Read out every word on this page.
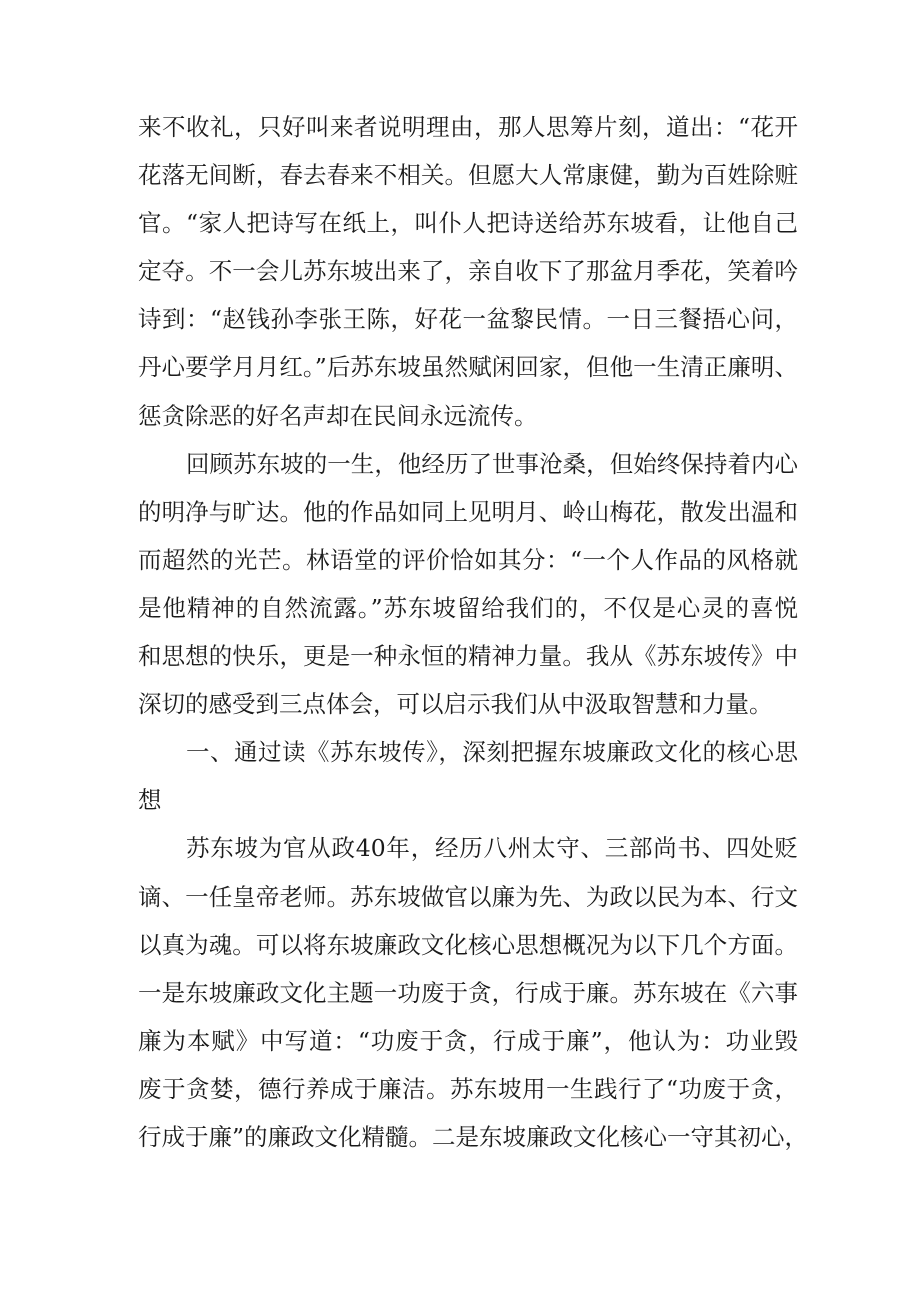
来不收礼，只好叫来者说明理由，那人思筹片刻，道出：“花开
花落无间断，春去春来不相关。但愿大人常康健，勤为百姓除赃
官。“家人把诗写在纸上，叫仆人把诗送给苏东坡看，让他自己
定夺。不一会儿苏东坡出来了，亲自收下了那盆月季花，笑着吟
诗到：“赵钱孙李张王陈，好花一盆黎民情。一日三餐捂心问，
丹心要学月月红。”后苏东坡虽然赋闲回家，但他一生清正廉明、
惩贪除恶的好名声却在民间永远流传。
回顾苏东坡的一生，他经历了世事沧桑，但始终保持着内心
的明净与旷达。他的作品如同上见明月、岭山梅花，散发出温和
而超然的光芒。林语堂的评价恰如其分：“一个人作品的风格就
是他精神的自然流露。”苏东坡留给我们的，不仅是心灵的喜悦
和思想的快乐，更是一种永恒的精神力量。我从《苏东坡传》中
深切的感受到三点体会，可以启示我们从中汲取智慧和力量。
一、通过读《苏东坡传》，深刻把握东坡廉政文化的核心思
想
苏东坡为官从政40年，经历八州太守、三部尚书、四处贬
谪、一任皇帝老师。苏东坡做官以廉为先、为政以民为本、行文
以真为魂。可以将东坡廉政文化核心思想概况为以下几个方面。
一是东坡廉政文化主题一功废于贪，行成于廉。苏东坡在《六事
廉为本赋》中写道：“功废于贪，行成于廉”，他认为：功业毁
废于贪婪，德行养成于廉洁。苏东坡用一生践行了“功废于贪，
行成于廉”的廉政文化精髓。二是东坡廉政文化核心一守其初心，
